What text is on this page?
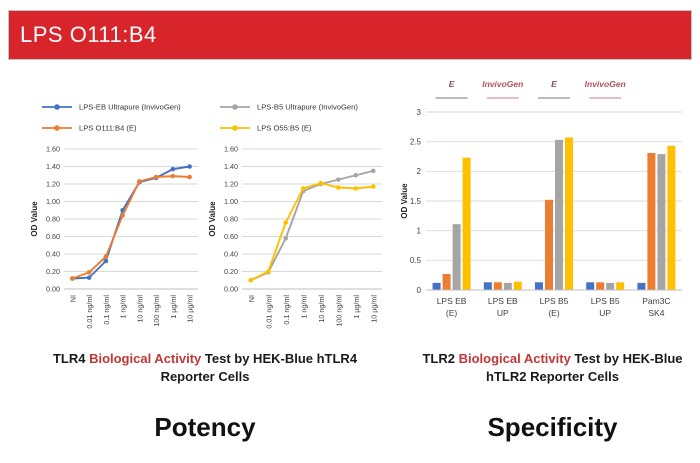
LPS O111:B4
LPS-EB Ultrapure (InvivoGen)
LPS O111:B4 (E)
0.00
0.20
0.40
0.60
0.80
1.00
1.20
1.40
1.60
NI 0.01 ng/ml 0.1 ng/ml 1 ng/ml 10 ng/ml 100 ng/ml 1 µg/ml 10 µg/ml
OD Value
LPS-B5 Ultrapure (InvivoGen)
LPS O55:B5 (E)
0.00
0.20
0.40
0.60
0.80
1.00
1.20
1.40
1.60
NI 0.01 ng/ml 0.1 ng/ml 1 ng/ml 10 ng/ml 100 ng/ml 1 µg/ml 10 µg/ml
OD Value
0
0.5
1
1.5
2
2.5
3
E	InvivoGen	E	InvivoGen
LPS EB
(E)
LPS EB
UP
LPS B5
(E)
LPS B5
UP
Pam3C
SK4
OD Value
TLR4 Biological Activity Test by HEK-Blue hTLR4 Reporter Cells
TLR2 Biological Activity Test by HEK-Blue hTLR2 Reporter Cells
Potency	Specificity
